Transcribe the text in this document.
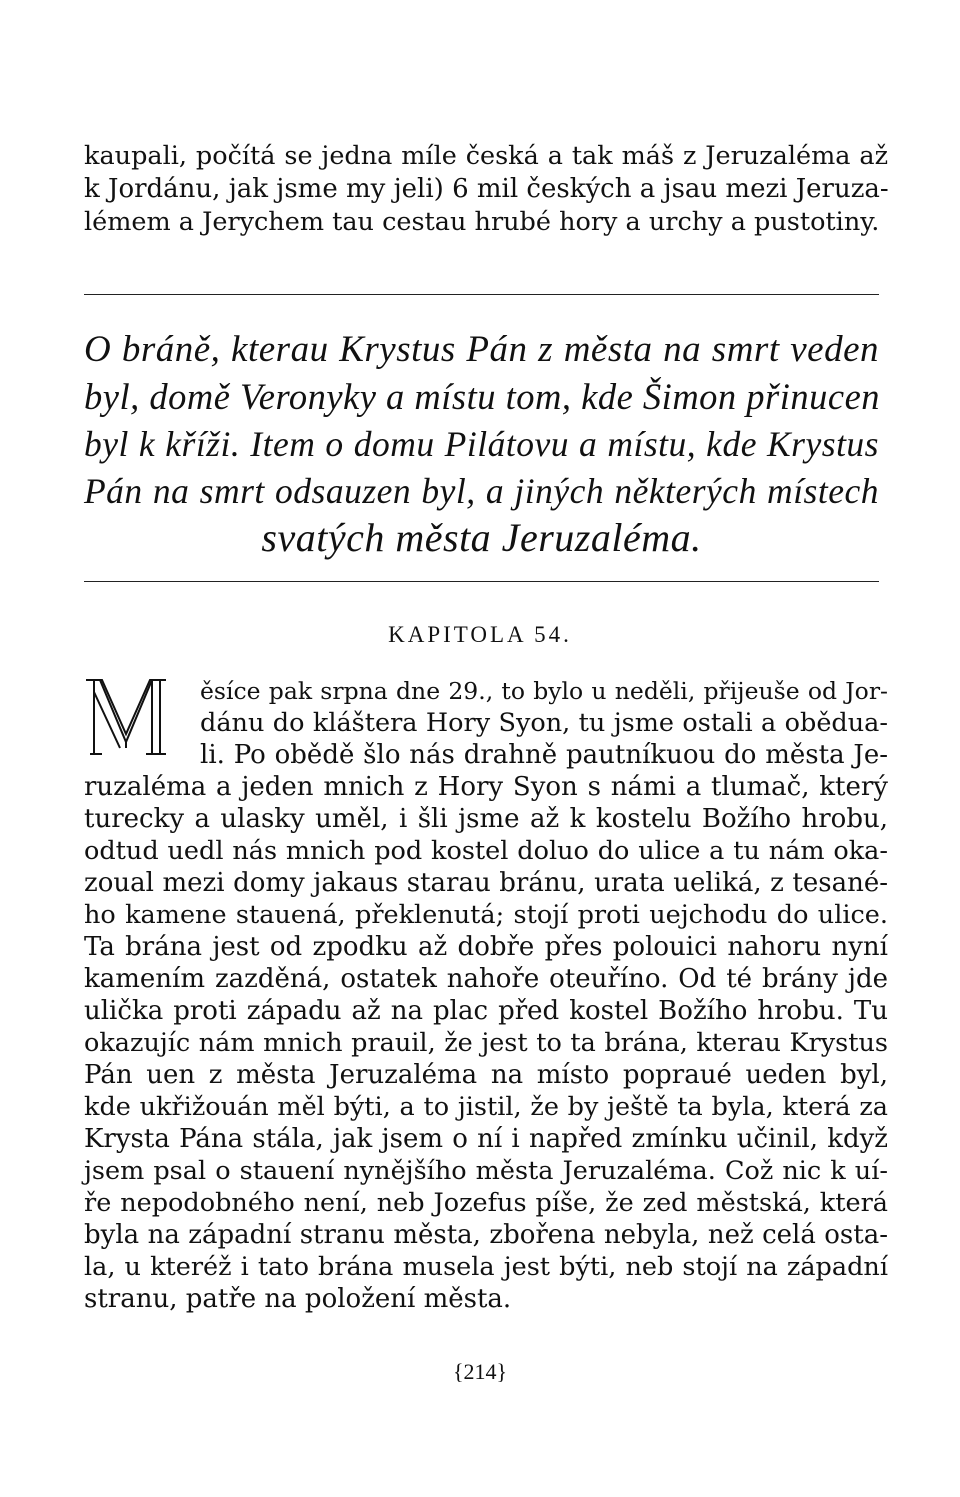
kaupali, počítá se jedna míle česká a tak máš z Jeruzaléma až
k Jordánu, jak jsme my jeli) 6 mil českých a jsau mezi Jeruza-
lémem a Jerychem tau cestau hrubé hory a urchy a pustotiny.
O bráně, kterau Krystus Pán z města na smrt veden
byl, domě Veronyky a místu tom, kde Šimon přinucen
byl k kříži. Item o domu Pilátovu a místu, kde Krystus
Pán na smrt odsauzen byl, a jiných některých místech
svatých města Jeruzaléma.
KAPITOLA 54.
ěsíce pak srpna dne 29., to bylo u neděli, přijeuše od Jor-
dánu do kláštera Hory Syon, tu jsme ostali a oběduа-
li. Po obědě šlo nás drahně pautníkuou do města Je-
ruzaléma a jeden mnich z Hory Syon s námi a tlumač, který
turecky a ulasky uměl, i šli jsme až k kostelu Božího hrobu,
odtud uedl nás mnich pod kostel doluo do ulice a tu nám oka-
zoual mezi domy jakaus starau bránu, urata ueliká, z tesané-
ho kamene stauená, překlenutá; stojí proti uejchodu do ulice.
Ta brána jest od zpodku až dobře přes polouici nahoru nyní
kamením zazděná, ostatek nahoře oteuříno. Od té brány jde
ulička proti západu až na plac před kostel Božího hrobu. Tu
okazujíc nám mnich prauil, že jest to ta brána, kterau Krystus
Pán uen z města Jeruzaléma na místo popraué ueden byl,
kde ukřižouán měl býti, a to jistil, že by ještě ta byla, která za
Krysta Pána stála, jak jsem o ní i napřed zmínku učinil, když
jsem psal o stauení nynějšího města Jeruzaléma. Což nic k uí-
ře nepodobného není, neb Jozefus píše, že zed městská, která
byla na západní stranu města, zbořena nebyla, než celá osta-
la, u kteréž i tato brána musela jest býti, neb stojí na západní
stranu, patře na položení města.
{214}
